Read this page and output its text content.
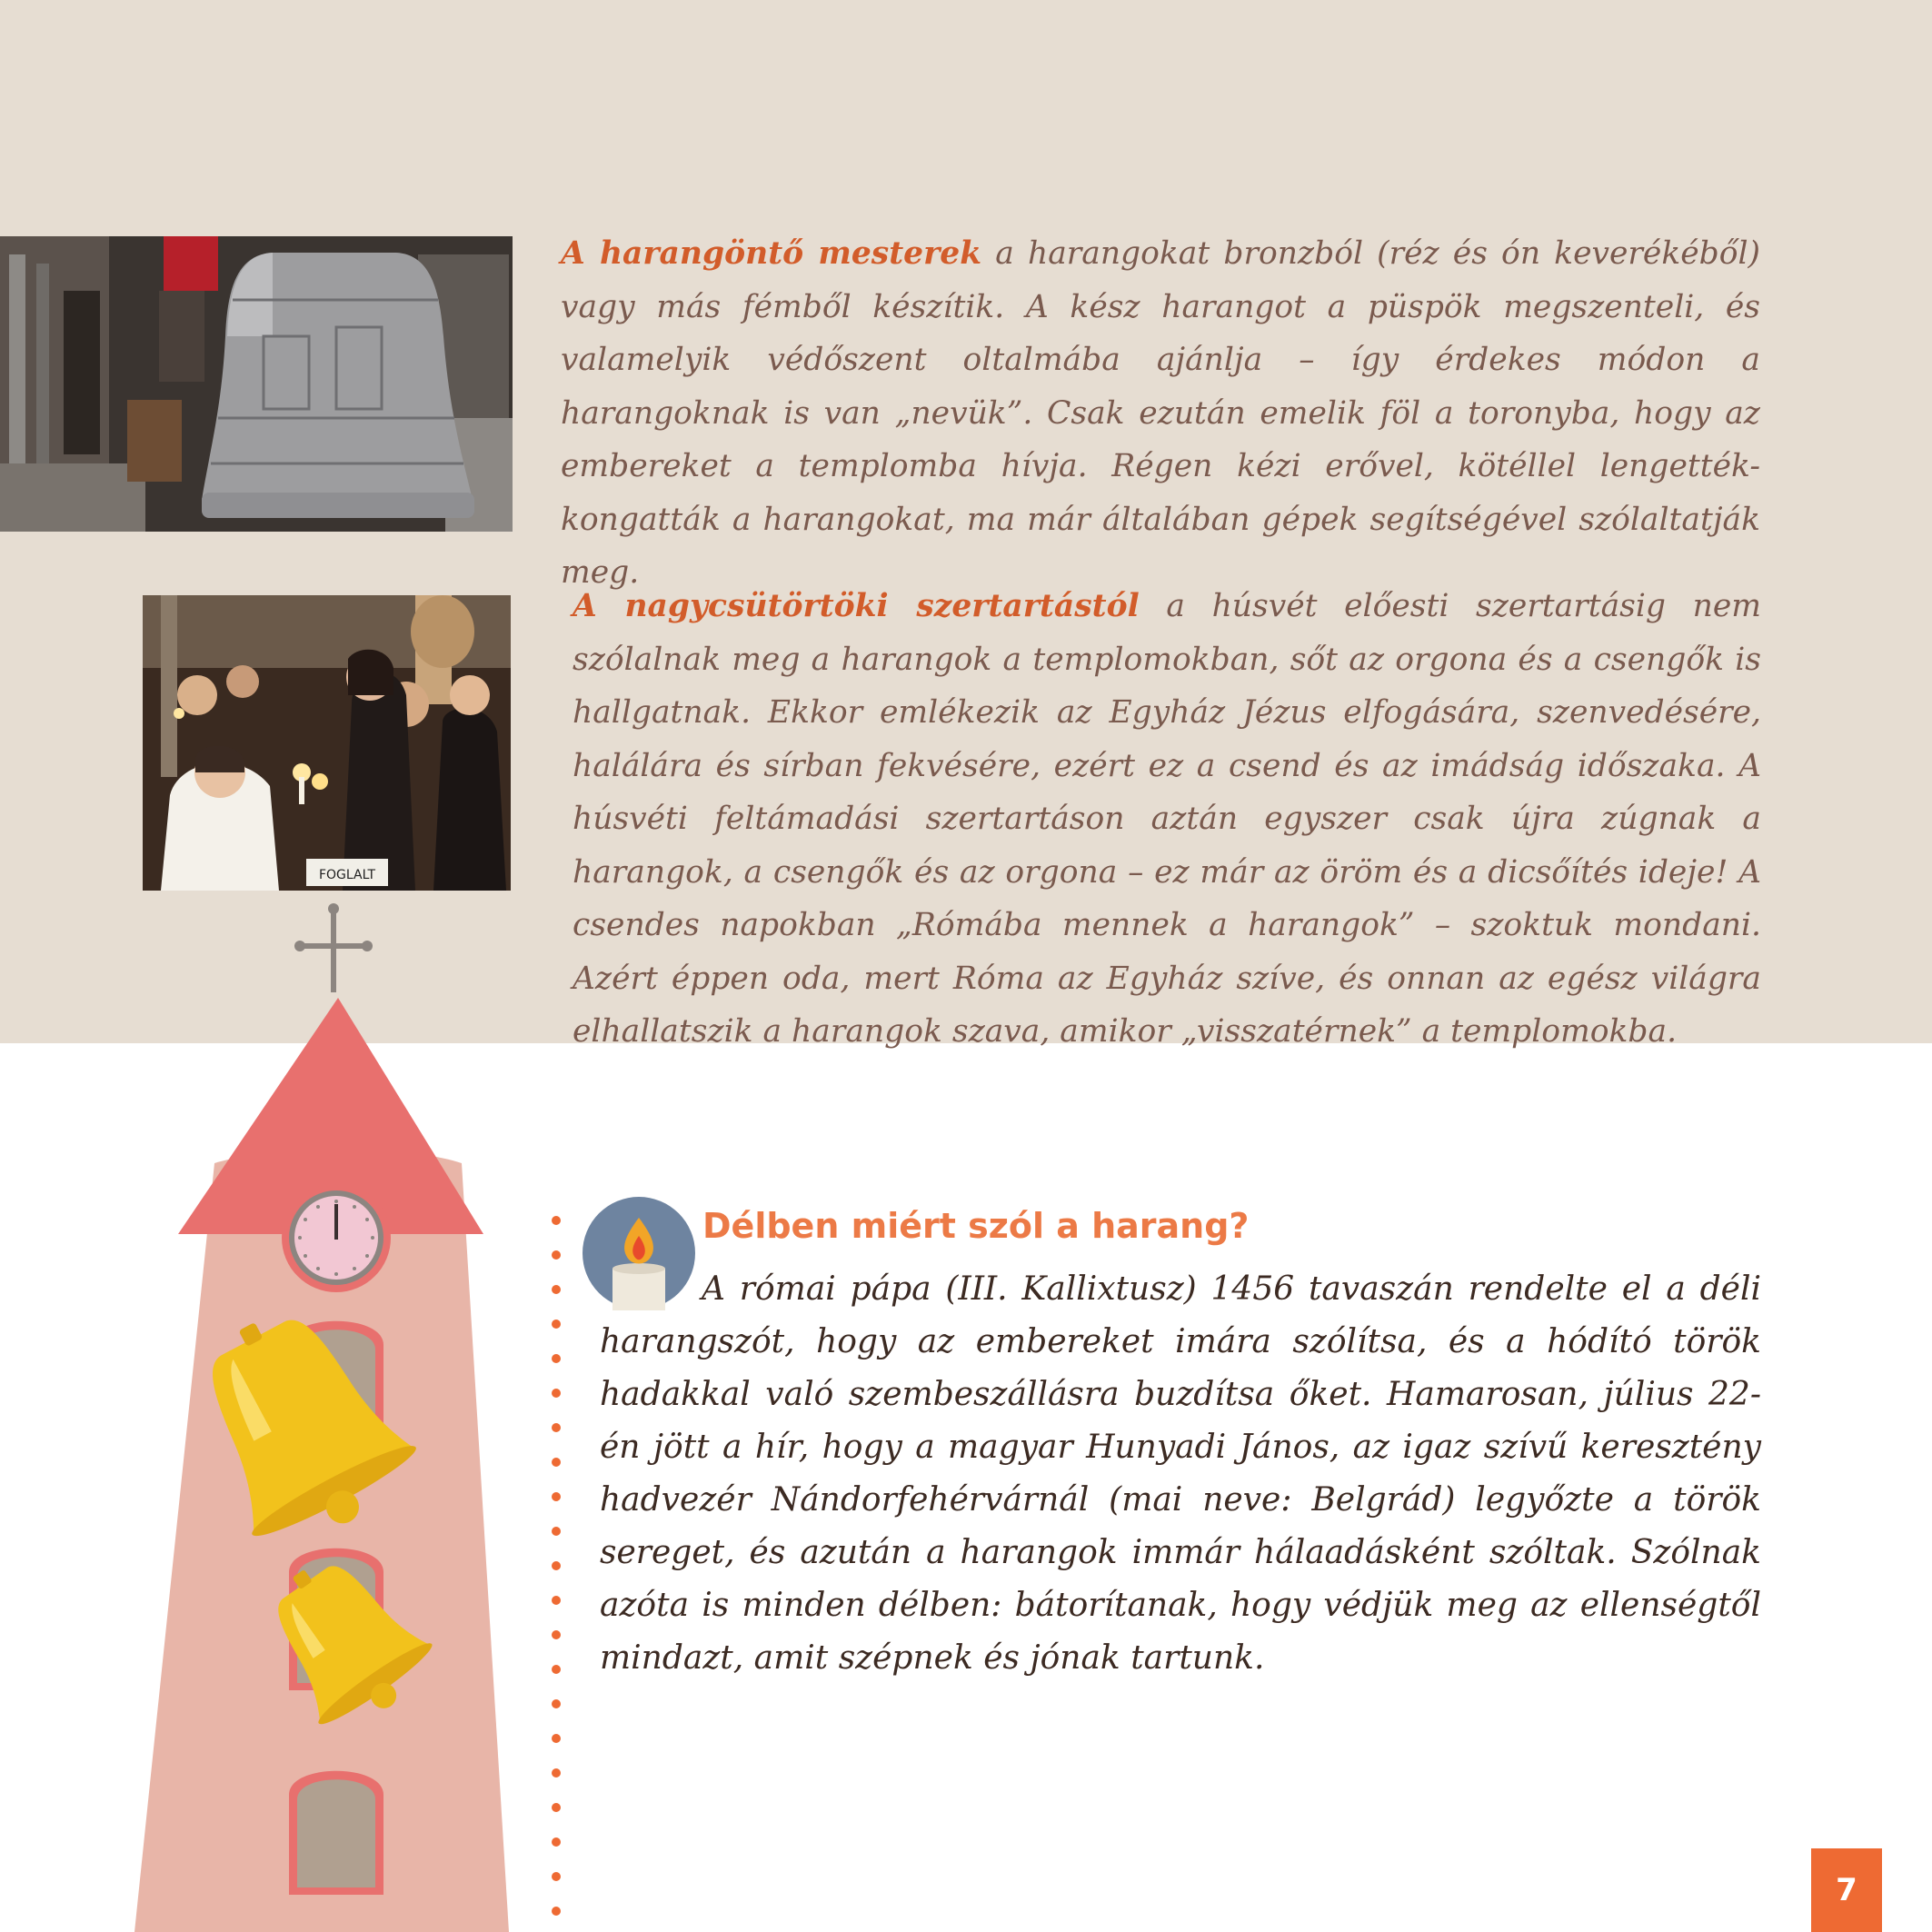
FOGLALT
A harangöntő mesterek a harangokat bronzból (réz és ón keverékéből) vagy más fémből készítik. A kész harangot a püspök megszenteli, és valamelyik védőszent oltalmába ajánlja – így érdekes módon a harangoknak is van „nevük”. Csak ezután emelik föl a toronyba, hogy az embereket a templomba hívja. Régen kézi erővel, kötéllel lengették-kongatták a harangokat, ma már általában gépek segítségével szólaltatják meg.
A nagycsütörtöki szertartástól a húsvét előesti szertartásig nem szólalnak meg a harangok a templomokban, sőt az orgona és a csengők is hallgatnak. Ekkor emlékezik az Egyház Jézus elfogására, szenvedésére, halálára és sírban fekvésére, ezért ez a csend és az imádság időszaka. A húsvéti feltámadási szertartáson aztán egyszer csak újra zúgnak a harangok, a csengők és az orgona – ez már az öröm és a dicsőítés ideje! A csendes napokban „Rómába mennek a harangok” – szoktuk mondani. Azért éppen oda, mert Róma az Egyház szíve, és onnan az egész világra elhallatszik a harangok szava, amikor „visszatérnek” a templomokba.
Délben miért szól a harang?
A római pápa (III. Kallixtusz) 1456 tavaszán rendelte el a déli harangszót, hogy az embereket imára szólítsa, és a hódító török hadakkal való szembeszállásra buzdítsa őket. Hamarosan, július 22-én jött a hír, hogy a magyar Hunyadi János, az igaz szívű keresztény hadvezér Nándorfehérvárnál (mai neve: Belgrád) legyőzte a török sereget, és azután a harangok immár hálaadásként szóltak. Szólnak azóta is minden délben: bátorítanak, hogy védjük meg az ellenségtől mindazt, amit szépnek és jónak tartunk.
7
